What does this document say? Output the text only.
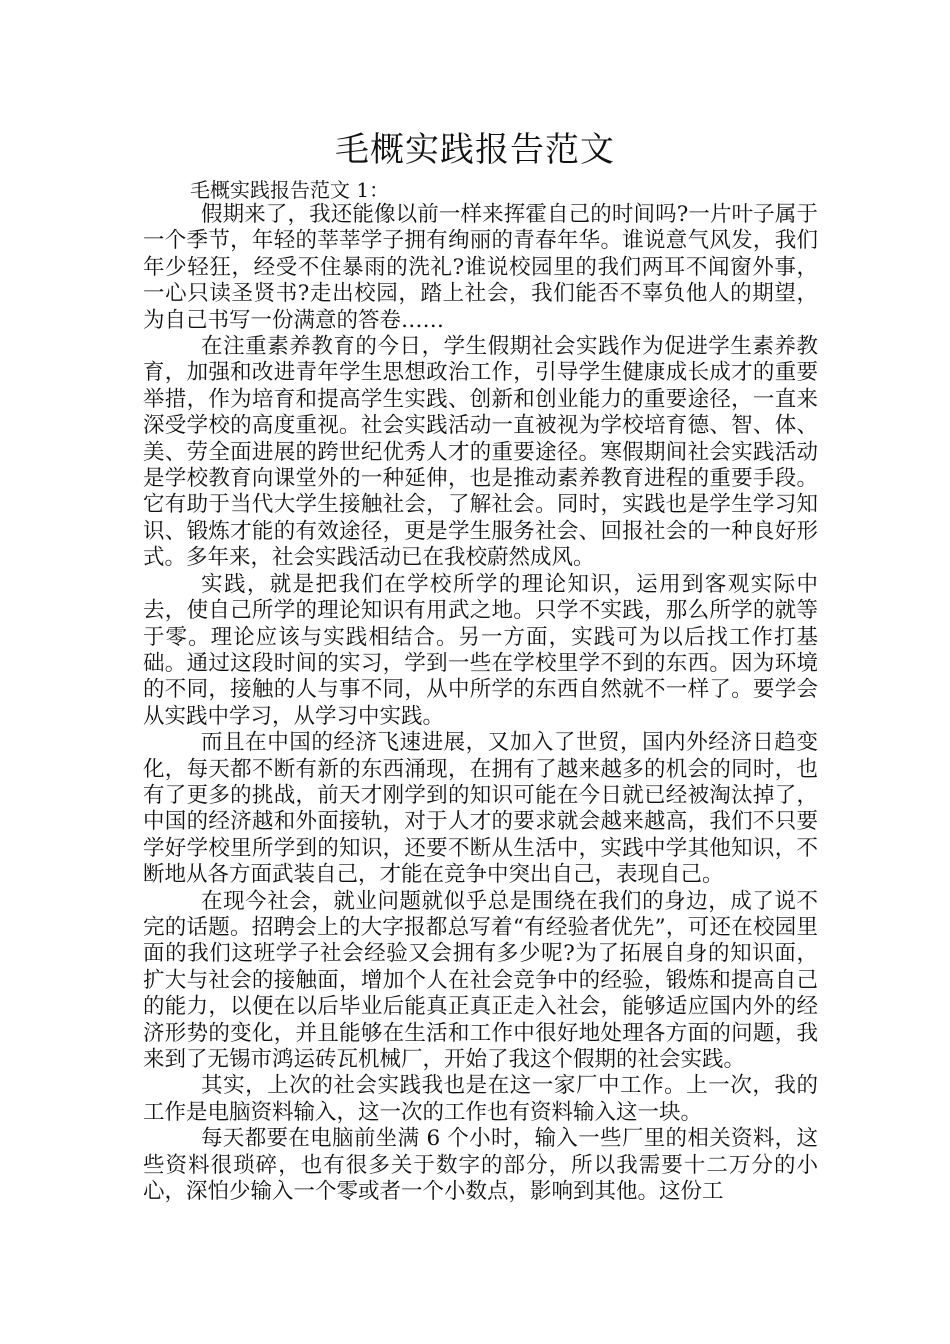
毛概实践报告范文

毛概实践报告范文 1：

假期来了，我还能像以前一样来挥霍自己的时间吗?一片叶子属于一个季节，年轻的莘莘学子拥有绚丽的青春年华。谁说意气风发，我们年少轻狂，经受不住暴雨的洗礼?谁说校园里的我们两耳不闻窗外事，一心只读圣贤书?走出校园，踏上社会，我们能否不辜负他人的期望，为自己书写一份满意的答卷……

在注重素养教育的今日，学生假期社会实践作为促进学生素养教育，加强和改进青年学生思想政治工作，引导学生健康成长成才的重要举措，作为培育和提高学生实践、创新和创业能力的重要途径，一直来深受学校的高度重视。社会实践活动一直被视为学校培育德、智、体、美、劳全面进展的跨世纪优秀人才的重要途径。寒假期间社会实践活动是学校教育向课堂外的一种延伸，也是推动素养教育进程的重要手段。它有助于当代大学生接触社会，了解社会。同时，实践也是学生学习知识、锻炼才能的有效途径，更是学生服务社会、回报社会的一种良好形式。多年来，社会实践活动已在我校蔚然成风。

实践，就是把我们在学校所学的理论知识，运用到客观实际中去，使自己所学的理论知识有用武之地。只学不实践，那么所学的就等于零。理论应该与实践相结合。另一方面，实践可为以后找工作打基础。通过这段时间的实习，学到一些在学校里学不到的东西。因为环境的不同，接触的人与事不同，从中所学的东西自然就不一样了。要学会从实践中学习，从学习中实践。

而且在中国的经济飞速进展，又加入了世贸，国内外经济日趋变化，每天都不断有新的东西涌现，在拥有了越来越多的机会的同时，也有了更多的挑战，前天才刚学到的知识可能在今日就已经被淘汰掉了，中国的经济越和外面接轨，对于人才的要求就会越来越高，我们不只要学好学校里所学到的知识，还要不断从生活中，实践中学其他知识，不断地从各方面武装自己，才能在竞争中突出自己，表现自己。

在现今社会，就业问题就似乎总是围绕在我们的身边，成了说不完的话题。招聘会上的大字报都总写着“有经验者优先”，可还在校园里面的我们这班学子社会经验又会拥有多少呢?为了拓展自身的知识面，扩大与社会的接触面，增加个人在社会竞争中的经验，锻炼和提高自己的能力，以便在以后毕业后能真正真正走入社会，能够适应国内外的经济形势的变化，并且能够在生活和工作中很好地处理各方面的问题，我来到了无锡市鸿运砖瓦机械厂，开始了我这个假期的社会实践。

其实，上次的社会实践我也是在这一家厂中工作。上一次，我的工作是电脑资料输入，这一次的工作也有资料输入这一块。

每天都要在电脑前坐满 6 个小时，输入一些厂里的相关资料，这些资料很琐碎，也有很多关于数字的部分，所以我需要十二万分的小心，深怕少输入一个零或者一个小数点，影响到其他。这份工
